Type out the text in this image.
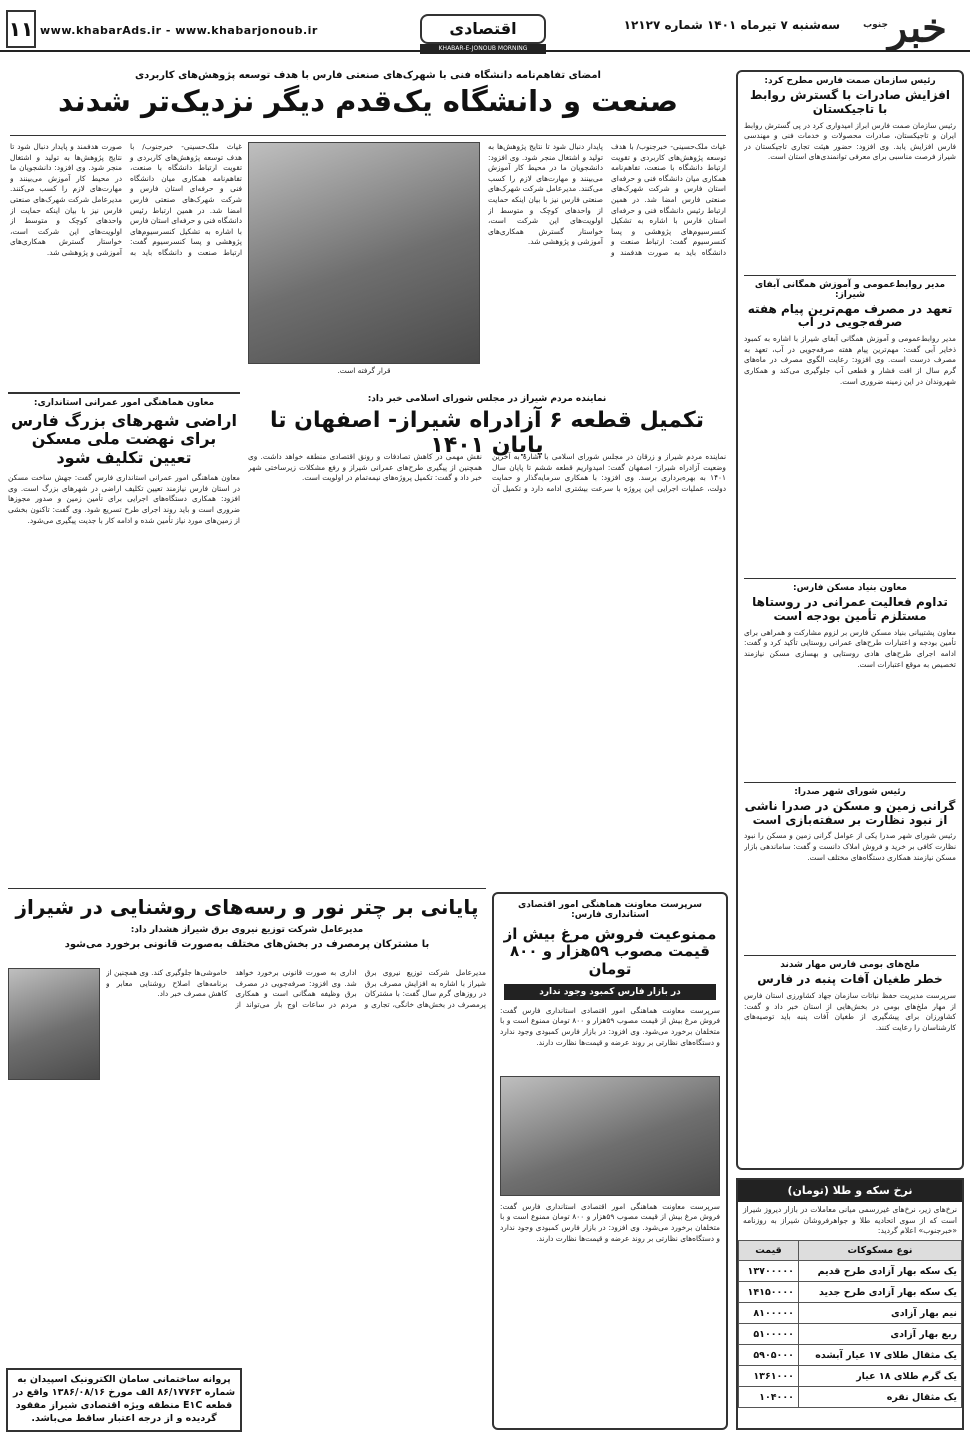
خبر$^{جنوب}$
سه‌شنبه ۷ تیرماه ۱۴۰۱ شماره ۱۲۱۲۷
اقتصادی
www.khabarAds.ir - www.khabarjonoub.ir
۱۱
KHABAR-E-JONOUB MORNING NEWSPAPER
امضای تفاهم‌نامه دانشگاه فنی با شهرک‌های صنعتی فارس با هدف توسعه پژوهش‌های کاربردی
صنعت و دانشگاه یک‌قدم دیگر نزدیک‌تر شدند
غیاث ملک‌حسینی- خبرجنوب/ با هدف توسعه پژوهش‌های کاربردی و تقویت ارتباط دانشگاه با صنعت، تفاهم‌نامه همکاری میان دانشگاه فنی و حرفه‌ای استان فارس و شرکت شهرک‌های صنعتی فارس امضا شد. در همین ارتباط رئیس دانشگاه فنی و حرفه‌ای استان فارس با اشاره به تشکیل کنسرسیوم‌های پژوهشی و پسا کنسرسیوم گفت: ارتباط صنعت و دانشگاه باید به صورت هدفمند و پایدار دنبال شود تا نتایج پژوهش‌ها به تولید و اشتغال منجر شود. وی افزود: دانشجویان ما در محیط کار آموزش می‌بینند و مهارت‌های لازم را کسب می‌کنند. مدیرعامل شرکت شهرک‌های صنعتی فارس نیز با بیان اینکه حمایت از واحدهای کوچک و متوسط از اولویت‌های این شرکت است، خواستار گسترش همکاری‌های آموزشی و پژوهشی شد.
قرار گرفته است.
غیاث ملک‌حسینی- خبرجنوب/ با هدف توسعه پژوهش‌های کاربردی و تقویت ارتباط دانشگاه با صنعت، تفاهم‌نامه همکاری میان دانشگاه فنی و حرفه‌ای استان فارس و شرکت شهرک‌های صنعتی فارس امضا شد. در همین ارتباط رئیس دانشگاه فنی و حرفه‌ای استان فارس با اشاره به تشکیل کنسرسیوم‌های پژوهشی و پسا کنسرسیوم گفت: ارتباط صنعت و دانشگاه باید به صورت هدفمند و پایدار دنبال شود تا نتایج پژوهش‌ها به تولید و اشتغال منجر شود. وی افزود: دانشجویان ما در محیط کار آموزش می‌بینند و مهارت‌های لازم را کسب می‌کنند. مدیرعامل شرکت شهرک‌های صنعتی فارس نیز با بیان اینکه حمایت از واحدهای کوچک و متوسط از اولویت‌های این شرکت است، خواستار گسترش همکاری‌های آموزشی و پژوهشی شد.
معاون هماهنگی امور عمرانی استانداری:
اراضی شهرهای بزرگ فارس برای نهضت ملی مسکن تعیین تکلیف شود
معاون هماهنگی امور عمرانی استانداری فارس گفت: جهش ساخت مسکن در استان فارس نیازمند تعیین تکلیف اراضی در شهرهای بزرگ است. وی افزود: همکاری دستگاه‌های اجرایی برای تأمین زمین و صدور مجوزها ضروری است و باید روند اجرای طرح تسریع شود. وی گفت: تاکنون بخشی از زمین‌های مورد نیاز تأمین شده و ادامه کار با جدیت پیگیری می‌شود.
نماینده مردم شیراز در مجلس شورای اسلامی خبر داد:
تکمیل قطعه ۶ آزادراه شیراز- اصفهان تا پایان ۱۴۰۱
نماینده مردم شیراز و زرقان در مجلس شورای اسلامی با اشاره به آخرین وضعیت آزادراه شیراز- اصفهان گفت: امیدواریم قطعه ششم تا پایان سال ۱۴۰۱ به بهره‌برداری برسد. وی افزود: با همکاری سرمایه‌گذار و حمایت دولت، عملیات اجرایی این پروژه با سرعت بیشتری ادامه دارد و تکمیل آن نقش مهمی در کاهش تصادفات و رونق اقتصادی منطقه خواهد داشت. وی همچنین از پیگیری طرح‌های عمرانی شیراز و رفع مشکلات زیرساختی شهر خبر داد و گفت: تکمیل پروژه‌های نیمه‌تمام در اولویت است.
پایانی بر چتر نور و رسه‌های روشنایی در شیراز
مدیرعامل شرکت توزیع نیروی برق شیراز هشدار داد:
با مشترکان پرمصرف در بخش‌های مختلف به‌صورت قانونی برخورد می‌شود
مدیرعامل شرکت توزیع نیروی برق شیراز با اشاره به افزایش مصرف برق در روزهای گرم سال گفت: با مشترکان پرمصرف در بخش‌های خانگی، تجاری و اداری به صورت قانونی برخورد خواهد شد. وی افزود: صرفه‌جویی در مصرف برق وظیفه همگانی است و همکاری مردم در ساعات اوج بار می‌تواند از خاموشی‌ها جلوگیری کند. وی همچنین از برنامه‌های اصلاح روشنایی معابر و کاهش مصرف خبر داد.
پروانه ساختمانی سامان الکترونیک اسپیدان به شماره ۸۶/۱۷۷۶۳ الف مورخ ۱۳۸۶/۰۸/۱۶ واقع در قطعه E۱C منطقه ویژه اقتصادی شیراز مفقود گردیده و از درجه اعتبار ساقط می‌باشد.
سرپرست معاونت هماهنگی امور اقتصادی استانداری فارس:
ممنوعیت فروش مرغ بیش از قیمت مصوب ۵۹هزار و ۸۰۰ تومان
در بازار فارس کمبود وجود ندارد
سرپرست معاونت هماهنگی امور اقتصادی استانداری فارس گفت: فروش مرغ بیش از قیمت مصوب ۵۹هزار و ۸۰۰ تومان ممنوع است و با متخلفان برخورد می‌شود. وی افزود: در بازار فارس کمبودی وجود ندارد و دستگاه‌های نظارتی بر روند عرضه و قیمت‌ها نظارت دارند.
سرپرست معاونت هماهنگی امور اقتصادی استانداری فارس گفت: فروش مرغ بیش از قیمت مصوب ۵۹هزار و ۸۰۰ تومان ممنوع است و با متخلفان برخورد می‌شود. وی افزود: در بازار فارس کمبودی وجود ندارد و دستگاه‌های نظارتی بر روند عرضه و قیمت‌ها نظارت دارند.
رئیس سازمان صمت فارس مطرح کرد:
افزایش صادرات با گسترش روابط با تاجیکستان
رئیس سازمان صمت فارس ابراز امیدواری کرد در پی گسترش روابط ایران و تاجیکستان، صادرات محصولات و خدمات فنی و مهندسی فارس افزایش یابد. وی افزود: حضور هیئت تجاری تاجیکستان در شیراز فرصت مناسبی برای معرفی توانمندی‌های استان است.
مدیر روابط‌عمومی و آموزش همگانی آبفای شیراز:
تعهد در مصرف مهم‌ترین پیام هفته صرفه‌جویی در آب
مدیر روابط‌عمومی و آموزش همگانی آبفای شیراز با اشاره به کمبود ذخایر آبی گفت: مهم‌ترین پیام هفته صرفه‌جویی در آب، تعهد به مصرف درست است. وی افزود: رعایت الگوی مصرف در ماه‌های گرم سال از افت فشار و قطعی آب جلوگیری می‌کند و همکاری شهروندان در این زمینه ضروری است.
معاون بنیاد مسکن فارس:
تداوم فعالیت عمرانی در روستاها مستلزم تأمین بودجه است
معاون پشتیبانی بنیاد مسکن فارس بر لزوم مشارکت و همراهی برای تأمین بودجه و اعتبارات طرح‌های عمرانی روستایی تأکید کرد و گفت: ادامه اجرای طرح‌های هادی روستایی و بهسازی مسکن نیازمند تخصیص به موقع اعتبارات است.
رئیس شورای شهر صدرا:
گرانی زمین و مسکن در صدرا ناشی از نبود نظارت بر سفته‌بازی است
رئیس شورای شهر صدرا یکی از عوامل گرانی زمین و مسکن را نبود نظارت کافی بر خرید و فروش املاک دانست و گفت: ساماندهی بازار مسکن نیازمند همکاری دستگاه‌های مختلف است.
ملخ‌های بومی فارس مهار شدند
خطر طغیان آفات پنبه در فارس
سرپرست مدیریت حفظ نباتات سازمان جهاد کشاورزی استان فارس از مهار ملخ‌های بومی در بخش‌هایی از استان خبر داد و گفت: کشاورزان برای پیشگیری از طغیان آفات پنبه باید توصیه‌های کارشناسان را رعایت کنند.
نرخ سکه و طلا (تومان)
نرخ‌های زیر، نرخ‌های غیررسمی میانی معاملات در بازار دیروز شیراز است که از سوی اتحادیه طلا و جواهرفروشان شیراز به روزنامه «خبرجنوب» اعلام گردید:
نوع مسکوکات	قیمت
یک سکه بهار آزادی طرح قدیم	۱۳۷۰۰۰۰۰
یک سکه بهار آزادی طرح جدید	۱۴۱۵۰۰۰۰
نیم بهار آزادی	۸۱۰۰۰۰۰
ربع بهار آزادی	۵۱۰۰۰۰۰
یک مثقال طلای ۱۷ عیار آبشده	۵۹۰۵۰۰۰
یک گرم طلای ۱۸ عیار	۱۳۶۱۰۰۰
یک مثقال نقره	۱۰۴۰۰۰
